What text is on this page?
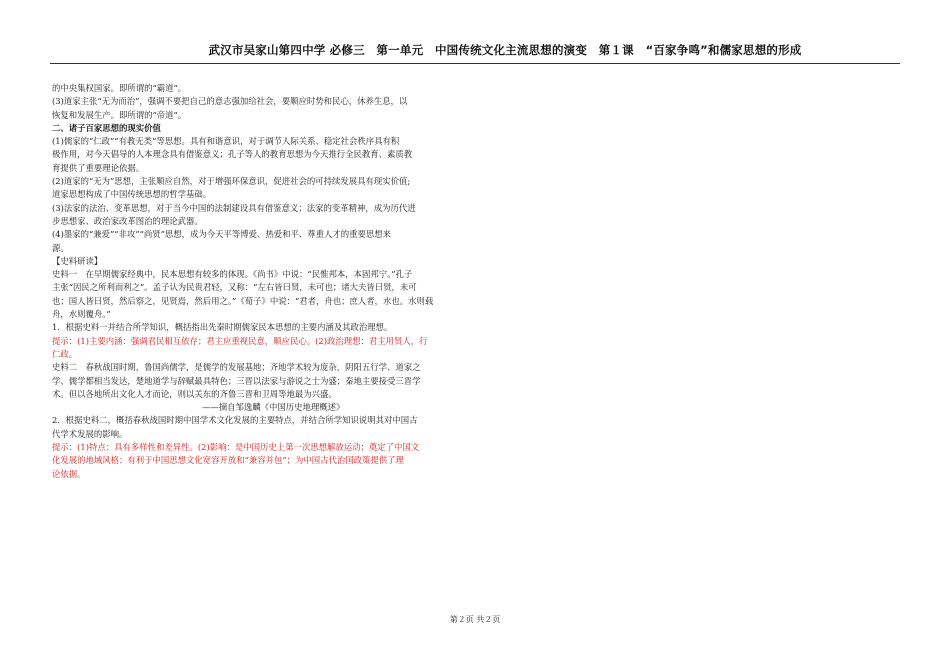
武汉市吴家山第四中学 必修三　第一单元　中国传统文化主流思想的演变　第１课　“百家争鸣”和儒家思想的形成

的中央集权国家。即所谓的“霸道”。

(3)道家主张“无为而治”，强调不要把自己的意志强加给社会，要顺应时势和民心，休养生息，以

恢复和发展生产。即所谓的“帝道”。

二、诸子百家思想的现实价值

(1)儒家的“仁政”“有教无类”等思想。具有和谐意识，对于调节人际关系、稳定社会秩序具有积

极作用，对今天倡导的人本理念具有借鉴意义；孔子等人的教育思想为今天推行全民教育、素质教

育提供了重要理论依据。

(2)道家的“无为”思想，主张顺应自然，对于增强环保意识，促进社会的可持续发展具有现实价值;

道家思想构成了中国传统思想的哲学基础。

(3)法家的法治、变革思想，对于当今中国的法制建设具有借鉴意义；法家的变革精神，成为历代进

步思想家、政治家改革图治的理论武器。

(4)墨家的“兼爱”“非攻”“尚贤”思想，成为今天平等博爱、热爱和平、尊重人才的重要思想来

源。

【史料研读】

史料一　在早期儒家经典中，民本思想有较多的体现。《尚书》中说：“民惟邦本，本固邦宁。”孔子

主张“因民之所利而利之”。孟子认为民贵君轻，又称：“左右皆曰贤，未可也；诸大夫皆曰贤，未可

也；国人皆曰贤，然后察之，见贤焉，然后用之。”《荀子》中说：“君者，舟也；庶人者，水也。水则载

舟，水则覆舟。”

1．根据史料一并结合所学知识，概括指出先秦时期儒家民本思想的主要内涵及其政治理想。

提示：(1)主要内涵：强调君民相互依存；君主应重视民意，顺应民心。(2)政治理想：君主用贤人，行

仁政。

史料二　春秋战国时期，鲁国尚儒学，是儒学的发展基地；齐地学术较为庞杂，阴阳五行学、道家之

学、儒学都相当发达，楚地道学与辞赋最具特色；三晋以法家与游说之士为盛；秦地主要接受三晋学

术。但以各地所出文化人才而论，则以关东的齐鲁三晋和卫周等地最为兴盛。

——摘自邹逸麟《中国历史地理概述》

2．根据史料二，概括春秋战国时期中国学术文化发展的主要特点，并结合所学知识说明其对中国古

代学术发展的影响。

提示：(1)特点：具有多样性和差异性。(2)影响：是中国历史上第一次思想解放运动；奠定了中国文

化发展的地域风格；有利于中国思想文化宽容开放和“兼容并包”；为中国古代治国政策提供了理

论依据。

第２页 共２页
